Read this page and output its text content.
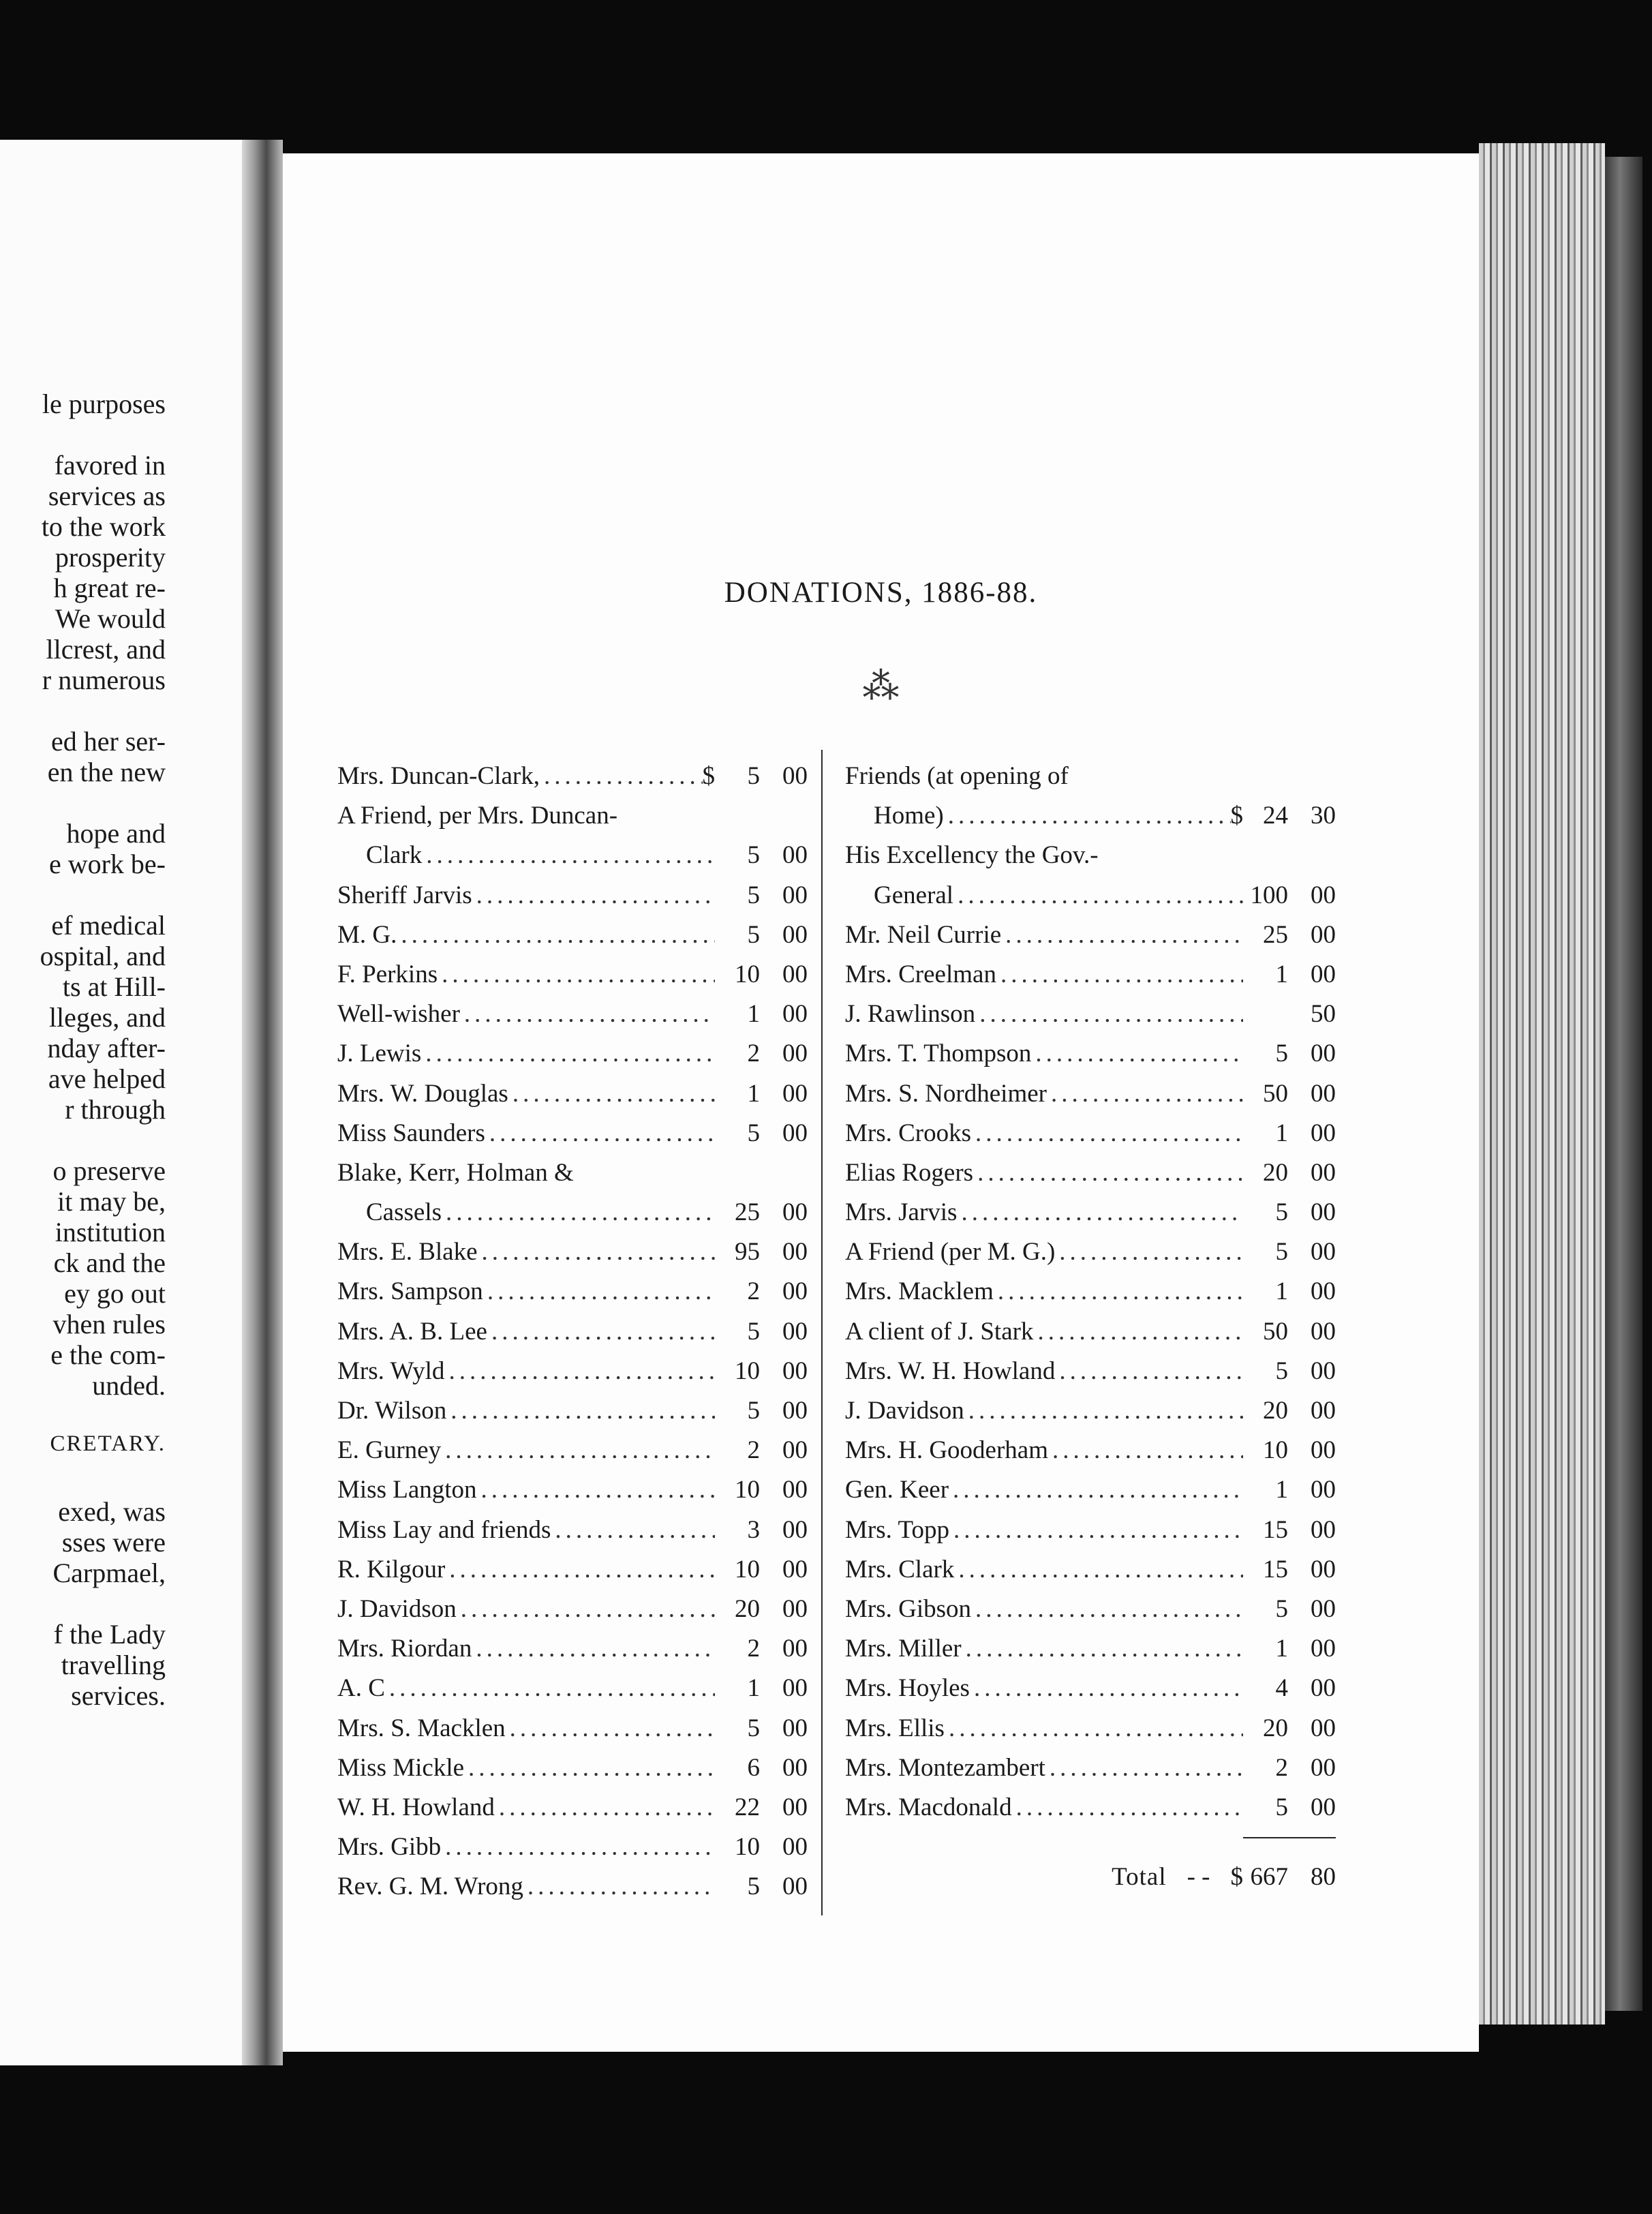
le purposes
favored in
services as
to the work
prosperity
h great re-
We would
llcrest, and
r numerous
ed her ser-
en the new
hope and
e work be-
ef medical
ospital, and
ts at Hill-
lleges, and
nday after-
ave helped
r through
o preserve
it may be,
institution
ck and the
ey go out
vhen rules
e the com-
unded.
CRETARY.
exed, was
sses were
Carpmael,
f the Lady
travelling
services.
DONATIONS, 1886-88.
⁂
Mrs. Duncan-Clark, .....	$	5 00
A Friend, per Mrs. Duncan-
Clark .....	5 00
Sheriff Jarvis .....	5 00
M. G. .....	5 00
F. Perkins .....	10 00
Well-wisher .....	1 00
J. Lewis .....	2 00
Mrs. W. Douglas .....	1 00
Miss Saunders .....	5 00
Blake, Kerr, Holman &
Cassels .....	25 00
Mrs. E. Blake .....	95 00
Mrs. Sampson .....	2 00
Mrs. A. B. Lee .....	5 00
Mrs. Wyld .....	10 00
Dr. Wilson .....	5 00
E. Gurney .....	2 00
Miss Langton .....	10 00
Miss Lay and friends .....	3 00
R. Kilgour .....	10 00
J. Davidson .....	20 00
Mrs. Riordan .....	2 00
A. C .....	1 00
Mrs. S. Macklen .....	5 00
Miss Mickle .....	6 00
W. H. Howland .....	22 00
Mrs. Gibb .....	10 00
Rev. G. M. Wrong .....	5 00
Friends (at opening of
Home) .....	$ 24 30
His Excellency the Gov.-
General .....	100 00
Mr. Neil Currie .....	25 00
Mrs. Creelman .....	1 00
J. Rawlinson .....	50
Mrs. T. Thompson .....	5 00
Mrs. S. Nordheimer .....	50 00
Mrs. Crooks .....	1 00
Elias Rogers .....	20 00
Mrs. Jarvis .....	5 00
A Friend (per M. G.) .....	5 00
Mrs. Macklem .....	1 00
A client of J. Stark .....	50 00
Mrs. W. H. Howland .....	5 00
J. Davidson .....	20 00
Mrs. H. Gooderham .....	10 00
Gen. Keer .....	1 00
Mrs. Topp .....	15 00
Mrs. Clark .....	15 00
Mrs. Gibson .....	5 00
Mrs. Miller .....	1 00
Mrs. Hoyles .....	4 00
Mrs. Ellis .....	20 00
Mrs. Montezambert .....	2 00
Mrs. Macdonald .....	5 00
Total - - $ 667 80
